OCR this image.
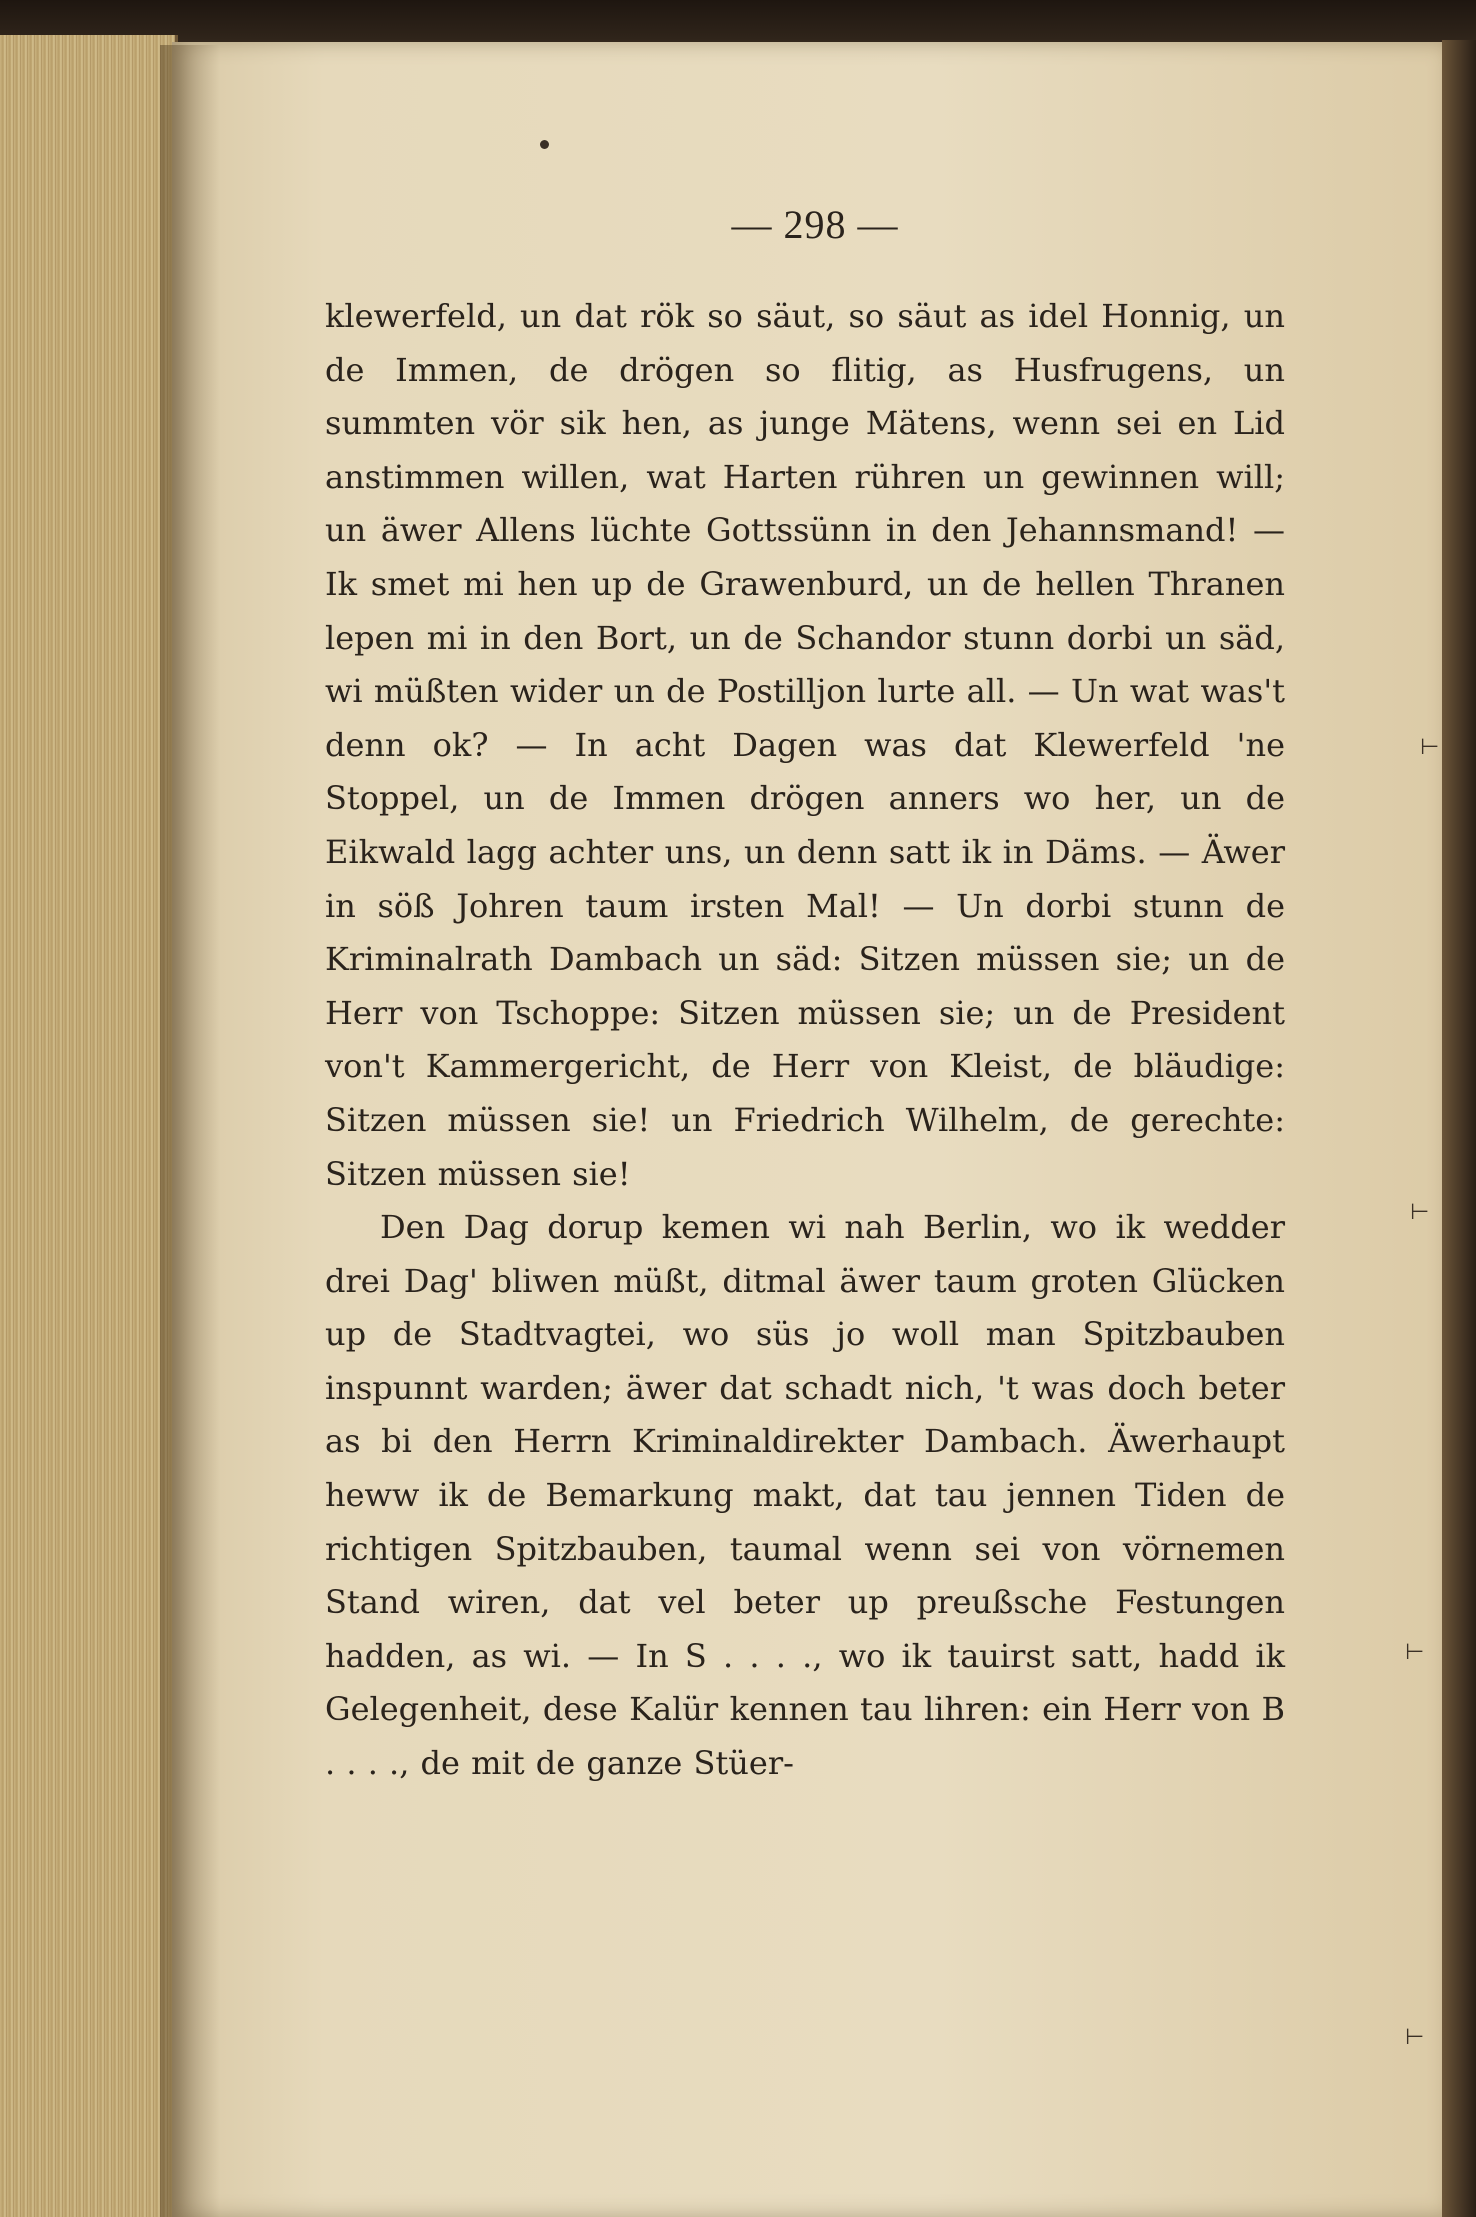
— 298 —

klewerfeld, un dat rök so säut, so säut as idel Honnig, un de Immen, de drögen so flitig, as Husfrugens, un summten vör sik hen, as junge Mätens, wenn sei en Lid anstimmen willen, wat Harten rühren un gewinnen will; un äwer Allens lüchte Gottssünn in den Jehannsmand! — Ik smet mi hen up de Grawenburd, un de hellen Thranen lepen mi in den Bort, un de Schandor stunn dorbi un säd, wi müßten wider un de Postilljon lurte all. — Un wat was't denn ok? — In acht Dagen was dat Klewerfeld 'ne Stoppel, un de Immen drögen anners wo her, un de Eikwald lagg achter uns, un denn satt ik in Däms. — Äwer in söß Johren taum irsten Mal! — Un dorbi stunn de Kriminalrath Dambach un säd: Sitzen müssen sie; un de Herr von Tschoppe: Sitzen müssen sie; un de President von't Kammergericht, de Herr von Kleist, de bläudige: Sitzen müssen sie! un Friedrich Wilhelm, de gerechte: Sitzen müssen sie!

Den Dag dorup kemen wi nah Berlin, wo ik wedder drei Dag' bliwen müßt, ditmal äwer taum groten Glücken up de Stadtvagtei, wo süs jo woll man Spitzbauben inspunnt warden; äwer dat schadt nich, 't was doch beter as bi den Herrn Kriminaldirekter Dambach. Äwerhaupt heww ik de Bemarkung makt, dat tau jennen Tiden de richtigen Spitzbauben, taumal wenn sei von vörnemen Stand wiren, dat vel beter up preußsche Festungen hadden, as wi. — In S . . . ., wo ik tauirst satt, hadd ik Gelegenheit, dese Kalür kennen tau lihren: ein Herr von B . . . ., de mit de ganze Stüer-

⊢
⊢
⊢
⊢
